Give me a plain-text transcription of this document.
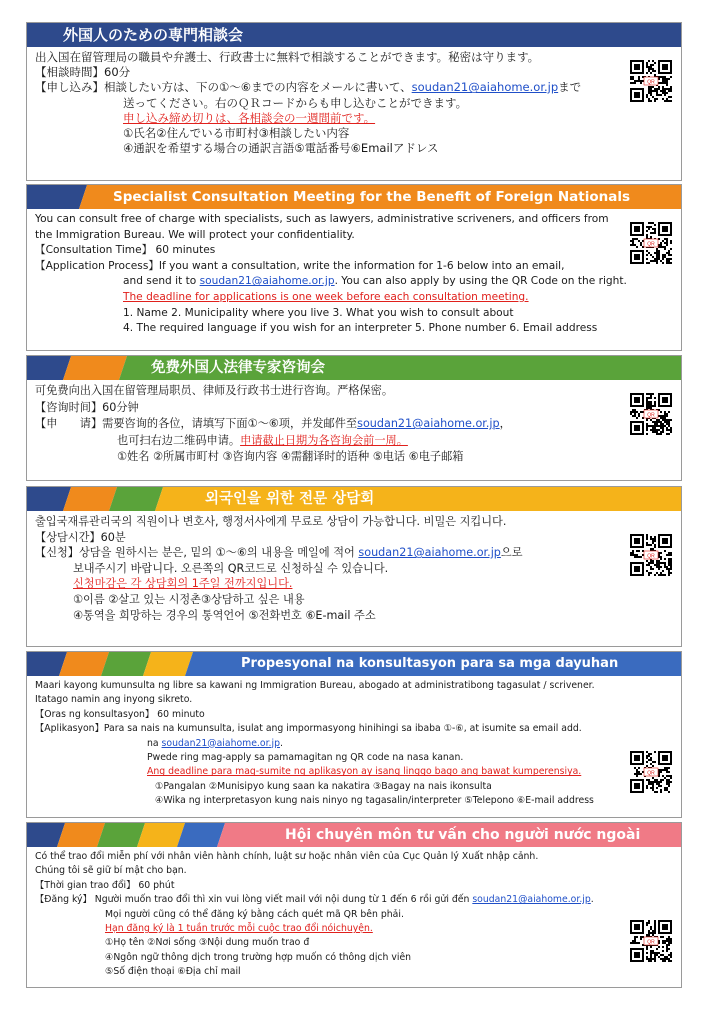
外国人のための専門相談会
出入国在留管理局の職員や弁護士、行政書士に無料で相談することができます。秘密は守ります。
【相談時間】60分
【申し込み】相談したい方は、下の①～⑥までの内容をメールに書いて、soudan21@aiahome.or.jpまで
送ってください。右のＱＲコードからも申し込むことができます。
申し込み締め切りは、各相談会の一週間前です。
①氏名②住んでいる市町村③相談したい内容
④通訳を希望する場合の通訳言語⑤電話番号⑥Emailアドレス
QR
Specialist Consultation Meeting for the Benefit of Foreign Nationals
You can consult free of charge with specialists, such as lawyers, administrative scriveners, and officers from
the Immigration Bureau. We will protect your confidentiality.
【Consultation Time】 60 minutes
【Application Process】If you want a consultation, write the information for 1-6 below into an email,
and send it to soudan21@aiahome.or.jp. You can also apply by using the QR Code on the right.
The deadline for applications is one week before each consultation meeting.
1. Name 2. Municipality where you live 3. What you wish to consult about
4. The required language if you wish for an interpreter 5. Phone number 6. Email address
QR
免费外国人法律专家咨询会
可免费向出入国在留管理局职员、律师及行政书士进行咨询。严格保密。
【咨询时间】60分钟
【申　　请】需要咨询的各位，请填写下面①～⑥项，并发邮件至soudan21@aiahome.or.jp，
也可扫右边二维码申请。申请截止日期为各咨询会前一周。
①姓名 ②所属市町村 ③咨询内容 ④需翻译时的语种 ⑤电话 ⑥电子邮箱
QR
외국인을 위한 전문 상담회
출입국재류관리국의 직원이나 변호사, 행정서사에게 무료로 상담이 가능합니다. 비밀은 지킵니다.
【상담시간】60분
【신청】상담을 원하시는 분은, 밑의 ①～⑥의 내용을 메일에 적어 soudan21@aiahome.or.jp으로
보내주시기 바랍니다. 오른쪽의 QR코드로 신청하실 수 있습니다.
신청마감은 각 상담회의 1주일 전까지입니다.
①이름 ②살고 있는 시정촌③상담하고 싶은 내용
④통역을 희망하는 경우의 통역언어 ⑤전화번호 ⑥E-mail 주소
QR
Propesyonal na konsultasyon para sa mga dayuhan
Maari kayong kumunsulta ng libre sa kawani ng Immigration Bureau, abogado at administratibong tagasulat / scrivener.
Itatago namin ang inyong sikreto.
【Oras ng konsultasyon】 60 minuto
【Aplikasyon】Para sa nais na kumunsulta, isulat ang impormasyong hinihingi sa ibaba ①-⑥, at isumite sa email add.
na soudan21@aiahome.or.jp.
Pwede ring mag-apply sa pamamagitan ng QR code na nasa kanan.
Ang deadline para mag-sumite ng aplikasyon ay isang linggo bago ang bawat kumperensiya.
①Pangalan ②Munisipyo kung saan ka nakatira ③Bagay na nais ikonsulta
④Wika ng interpretasyon kung nais ninyo ng tagasalin/interpreter ⑤Telepono ⑥E-mail address
QR
Hội chuyên môn tư vấn cho người nước ngoài
Có thể trao đổi miễn phí với nhân viên hành chính, luật sư hoặc nhân viên của Cục Quản lý Xuất nhập cảnh.
Chúng tôi sẽ giữ bí mật cho bạn.
【Thời gian trao đổi】 60 phút
【Đăng ký】 Người muốn trao đổi thì xin vui lòng viết mail với nội dung từ 1 đến 6 rồi gửi đến soudan21@aiahome.or.jp.
Mọi người cũng có thể đăng ký bằng cách quét mã QR bên phải.
Hạn đăng ký là 1 tuần trước mỗi cuộc trao đổi nóichuyện.
①Họ tên ②Nơi sống ③Nội dung muốn trao đ
④Ngôn ngữ thông dịch trong trường hợp muốn có thông dịch viên
⑤Số điện thoại ⑥Địa chỉ mail
QR
